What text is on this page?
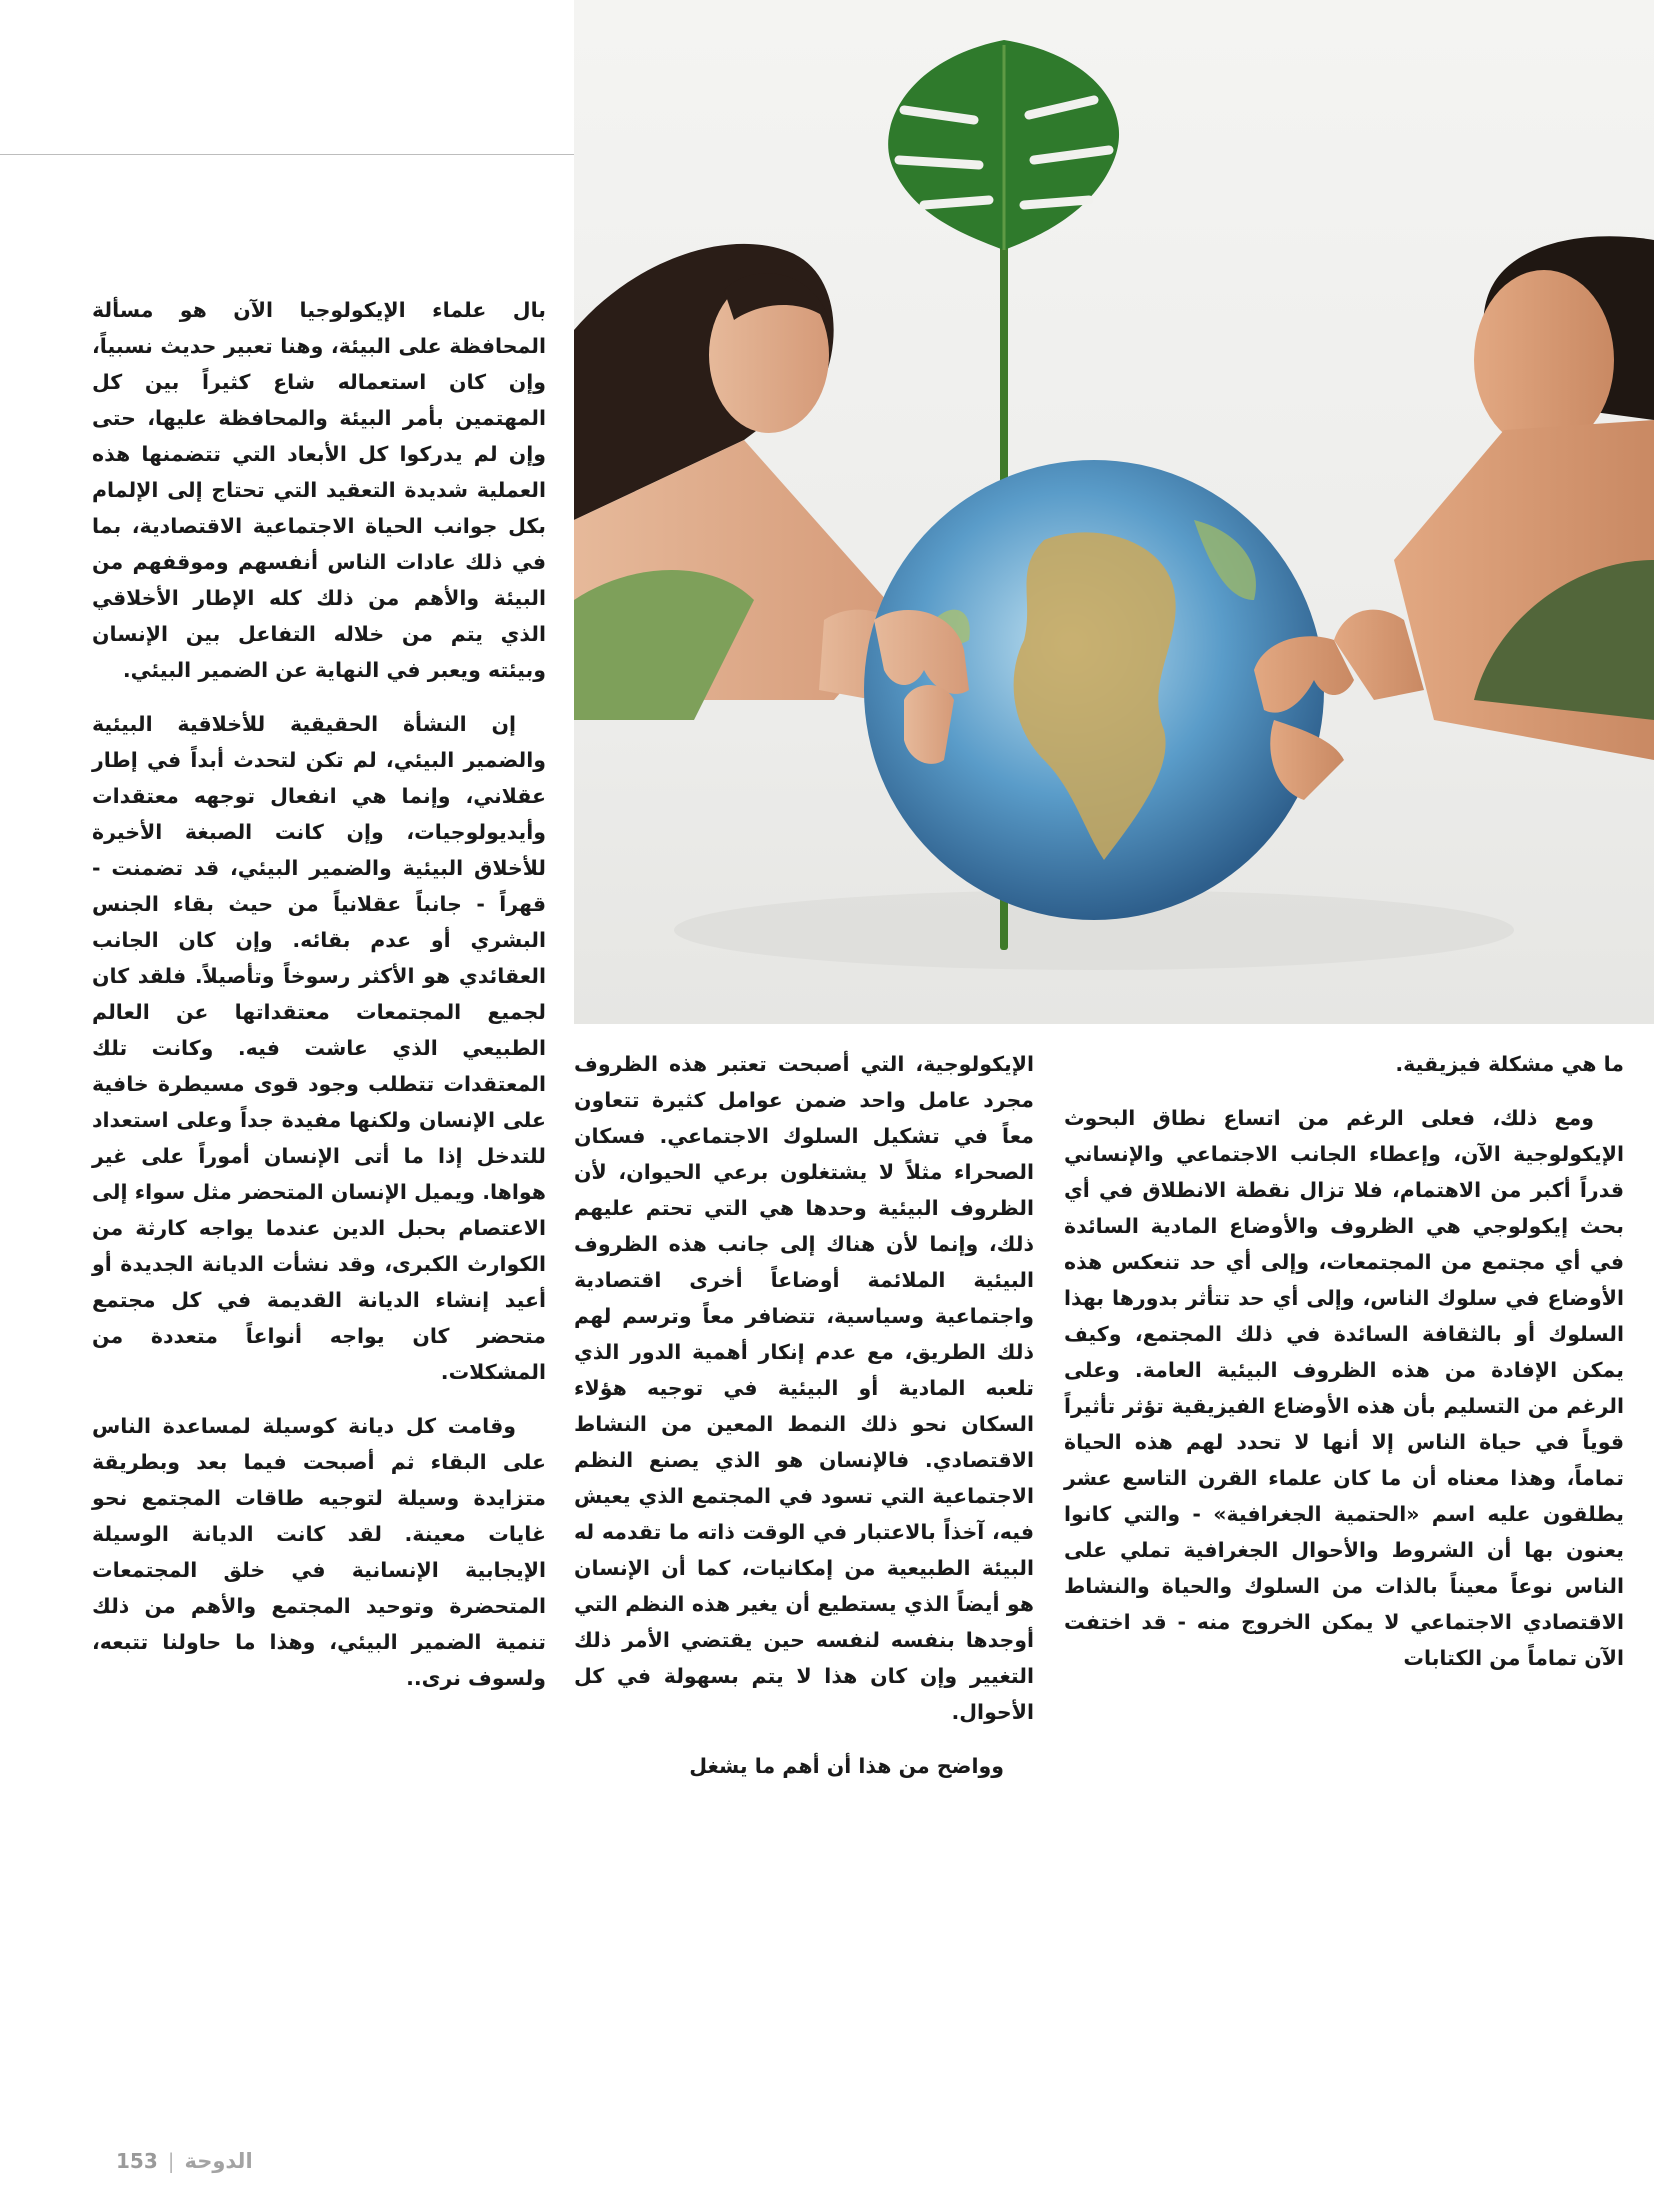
ما هي مشكلة فيزيقية.

ومع ذلك، فعلى الرغم من اتساع نطاق البحوث الإيكولوجية الآن، وإعطاء الجانب الاجتماعي والإنساني قدراً أكبر من الاهتمام، فلا تزال نقطة الانطلاق في أي بحث إيكولوجي هي الظروف والأوضاع المادية السائدة في أي مجتمع من المجتمعات، وإلى أي حد تنعكس هذه الأوضاع في سلوك الناس، وإلى أي حد تتأثر بدورها بهذا السلوك أو بالثقافة السائدة في ذلك المجتمع، وكيف يمكن الإفادة من هذه الظروف البيئية العامة. وعلى الرغم من التسليم بأن هذه الأوضاع الفيزيقية تؤثر تأثيراً قوياً في حياة الناس إلا أنها لا تحدد لهم هذه الحياة تماماً، وهذا معناه أن ما كان علماء القرن التاسع عشر يطلقون عليه اسم «الحتمية الجغرافية» - والتي كانوا يعنون بها أن الشروط والأحوال الجغرافية تملي على الناس نوعاً معيناً بالذات من السلوك والحياة والنشاط الاقتصادي الاجتماعي لا يمكن الخروج منه - قد اختفت الآن تماماً من الكتابات

الإيكولوجية، التي أصبحت تعتبر هذه الظروف مجرد عامل واحد ضمن عوامل كثيرة تتعاون معاً في تشكيل السلوك الاجتماعي. فسكان الصحراء مثلاً لا يشتغلون برعي الحيوان، لأن الظروف البيئية وحدها هي التي تحتم عليهم ذلك، وإنما لأن هناك إلى جانب هذه الظروف البيئية الملائمة أوضاعاً أخرى اقتصادية واجتماعية وسياسية، تتضافر معاً وترسم لهم ذلك الطريق، مع عدم إنكار أهمية الدور الذي تلعبه المادية أو البيئية في توجيه هؤلاء السكان نحو ذلك النمط المعين من النشاط الاقتصادي. فالإنسان هو الذي يصنع النظم الاجتماعية التي تسود في المجتمع الذي يعيش فيه، آخذاً بالاعتبار في الوقت ذاته ما تقدمه له البيئة الطبيعية من إمكانيات، كما أن الإنسان هو أيضاً الذي يستطيع أن يغير هذه النظم التي أوجدها بنفسه لنفسه حين يقتضي الأمر ذلك التغيير وإن كان هذا لا يتم بسهولة في كل الأحوال.

وواضح من هذا أن أهم ما يشغل

بال علماء الإيكولوجيا الآن هو مسألة المحافظة على البيئة، وهنا تعبير حديث نسبياً، وإن كان استعماله شاع كثيراً بين كل المهتمين بأمر البيئة والمحافظة عليها، حتى وإن لم يدركوا كل الأبعاد التي تتضمنها هذه العملية شديدة التعقيد التي تحتاج إلى الإلمام بكل جوانب الحياة الاجتماعية الاقتصادية، بما في ذلك عادات الناس أنفسهم وموقفهم من البيئة والأهم من ذلك كله الإطار الأخلاقي الذي يتم من خلاله التفاعل بين الإنسان وبيئته ويعبر في النهاية عن الضمير البيئي.

إن النشأة الحقيقية للأخلاقية البيئية والضمير البيئي، لم تكن لتحدث أبداً في إطار عقلاني، وإنما هي انفعال توجهه معتقدات وأيديولوجيات، وإن كانت الصبغة الأخيرة للأخلاق البيئية والضمير البيئي، قد تضمنت - قهراً - جانباً عقلانياً من حيث بقاء الجنس البشري أو عدم بقائه. وإن كان الجانب العقائدي هو الأكثر رسوخاً وتأصيلاً. فلقد كان لجميع المجتمعات معتقداتها عن العالم الطبيعي الذي عاشت فيه. وكانت تلك المعتقدات تتطلب وجود قوى مسيطرة خافية على الإنسان ولكنها مفيدة جداً وعلى استعداد للتدخل إذا ما أتى الإنسان أموراً على غير هواها. ويميل الإنسان المتحضر مثل سواء إلى الاعتصام بحبل الدين عندما يواجه كارثة من الكوارث الكبرى، وقد نشأت الديانة الجديدة أو أعيد إنشاء الديانة القديمة في كل مجتمع متحضر كان يواجه أنواعاً متعددة من المشكلات.

وقامت كل ديانة كوسيلة لمساعدة الناس على البقاء ثم أصبحت فيما بعد وبطريقة متزايدة وسيلة لتوجيه طاقات المجتمع نحو غايات معينة. لقد كانت الديانة الوسيلة الإيجابية الإنسانية في خلق المجتمعات المتحضرة وتوحيد المجتمع والأهم من ذلك تنمية الضمير البيئي، وهذا ما حاولنا تتبعه، ولسوف نرى..

153 | الدوحة
